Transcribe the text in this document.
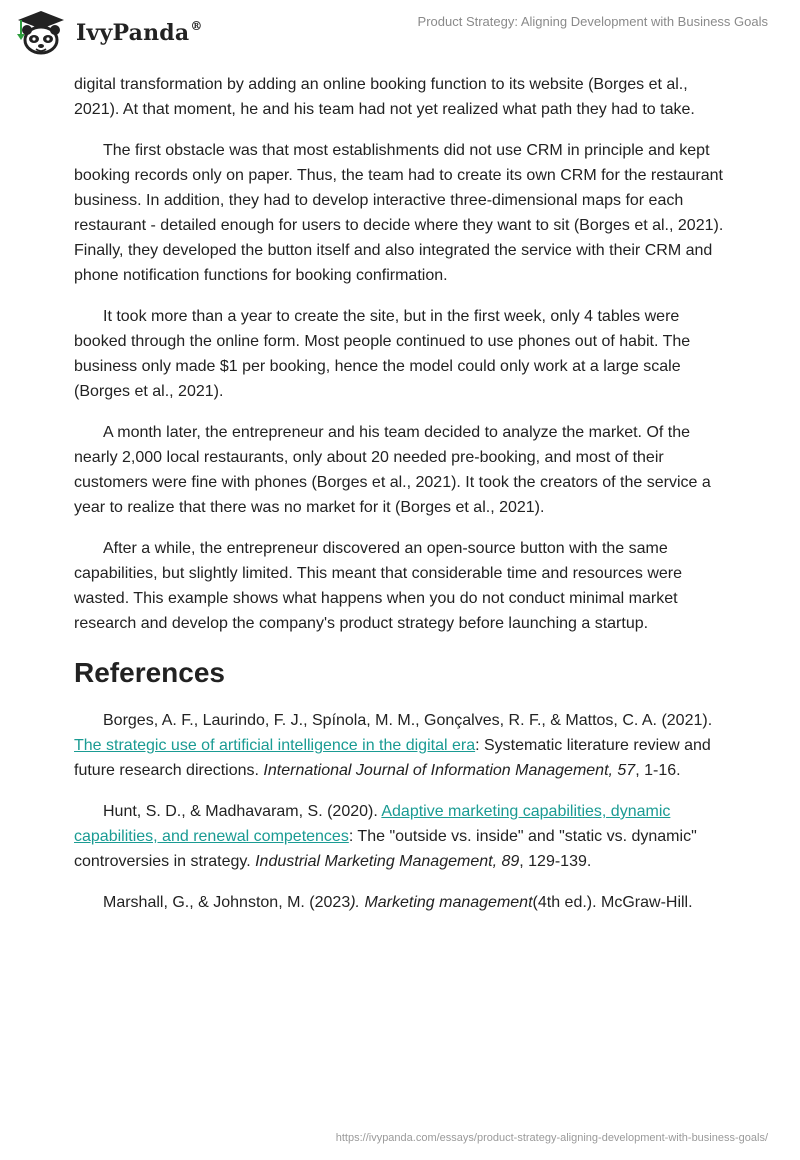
IvyPanda®	Product Strategy: Aligning Development with Business Goals

digital transformation by adding an online booking function to its website (Borges et al., 2021). At that moment, he and his team had not yet realized what path they had to take.

The first obstacle was that most establishments did not use CRM in principle and kept booking records only on paper. Thus, the team had to create its own CRM for the restaurant business. In addition, they had to develop interactive three-dimensional maps for each restaurant - detailed enough for users to decide where they want to sit (Borges et al., 2021). Finally, they developed the button itself and also integrated the service with their CRM and phone notification functions for booking confirmation.

It took more than a year to create the site, but in the first week, only 4 tables were booked through the online form. Most people continued to use phones out of habit. The business only made $1 per booking, hence the model could only work at a large scale (Borges et al., 2021).

A month later, the entrepreneur and his team decided to analyze the market. Of the nearly 2,000 local restaurants, only about 20 needed pre-booking, and most of their customers were fine with phones (Borges et al., 2021). It took the creators of the service a year to realize that there was no market for it (Borges et al., 2021).

After a while, the entrepreneur discovered an open-source button with the same capabilities, but slightly limited. This meant that considerable time and resources were wasted. This example shows what happens when you do not conduct minimal market research and develop the company's product strategy before launching a startup.

References

Borges, A. F., Laurindo, F. J., Spínola, M. M., Gonçalves, R. F., & Mattos, C. A. (2021). The strategic use of artificial intelligence in the digital era: Systematic literature review and future research directions. International Journal of Information Management, 57, 1-16.

Hunt, S. D., & Madhavaram, S. (2020). Adaptive marketing capabilities, dynamic capabilities, and renewal competences: The "outside vs. inside" and "static vs. dynamic" controversies in strategy. Industrial Marketing Management, 89, 129-139.

Marshall, G., & Johnston, M. (2023). Marketing management(4th ed.). McGraw-Hill.

https://ivypanda.com/essays/product-strategy-aligning-development-with-business-goals/
